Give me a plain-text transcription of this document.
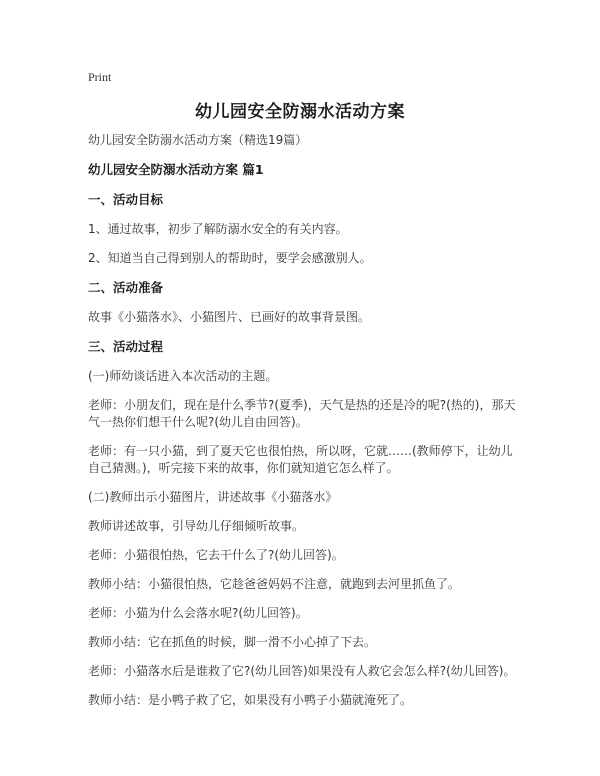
Print
幼儿园安全防溺水活动方案

幼儿园安全防溺水活动方案（精选19篇）

幼儿园安全防溺水活动方案 篇1

一、活动目标

1、通过故事，初步了解防溺水安全的有关内容。

2、知道当自己得到别人的帮助时，要学会感激别人。

二、活动准备

故事《小猫落水》、小猫图片、已画好的故事背景图。

三、活动过程

(一)师幼谈话进入本次活动的主题。

老师：小朋友们，现在是什么季节?(夏季)，天气是热的还是冷的呢?(热的)，那天气一热你们想干什么呢?(幼儿自由回答)。

老师：有一只小猫，到了夏天它也很怕热，所以呀，它就……(教师停下，让幼儿自己猜测。)，听完接下来的故事，你们就知道它怎么样了。

(二)教师出示小猫图片，讲述故事《小猫落水》

教师讲述故事，引导幼儿仔细倾听故事。

老师：小猫很怕热，它去干什么了?(幼儿回答)。

教师小结：小猫很怕热，它趁爸爸妈妈不注意，就跑到去河里抓鱼了。

老师：小猫为什么会落水呢?(幼儿回答)。

教师小结：它在抓鱼的时候，脚一滑不小心掉了下去。

老师：小猫落水后是谁救了它?(幼儿回答)如果没有人救它会怎么样?(幼儿回答)。

教师小结：是小鸭子救了它，如果没有小鸭子小猫就淹死了。
